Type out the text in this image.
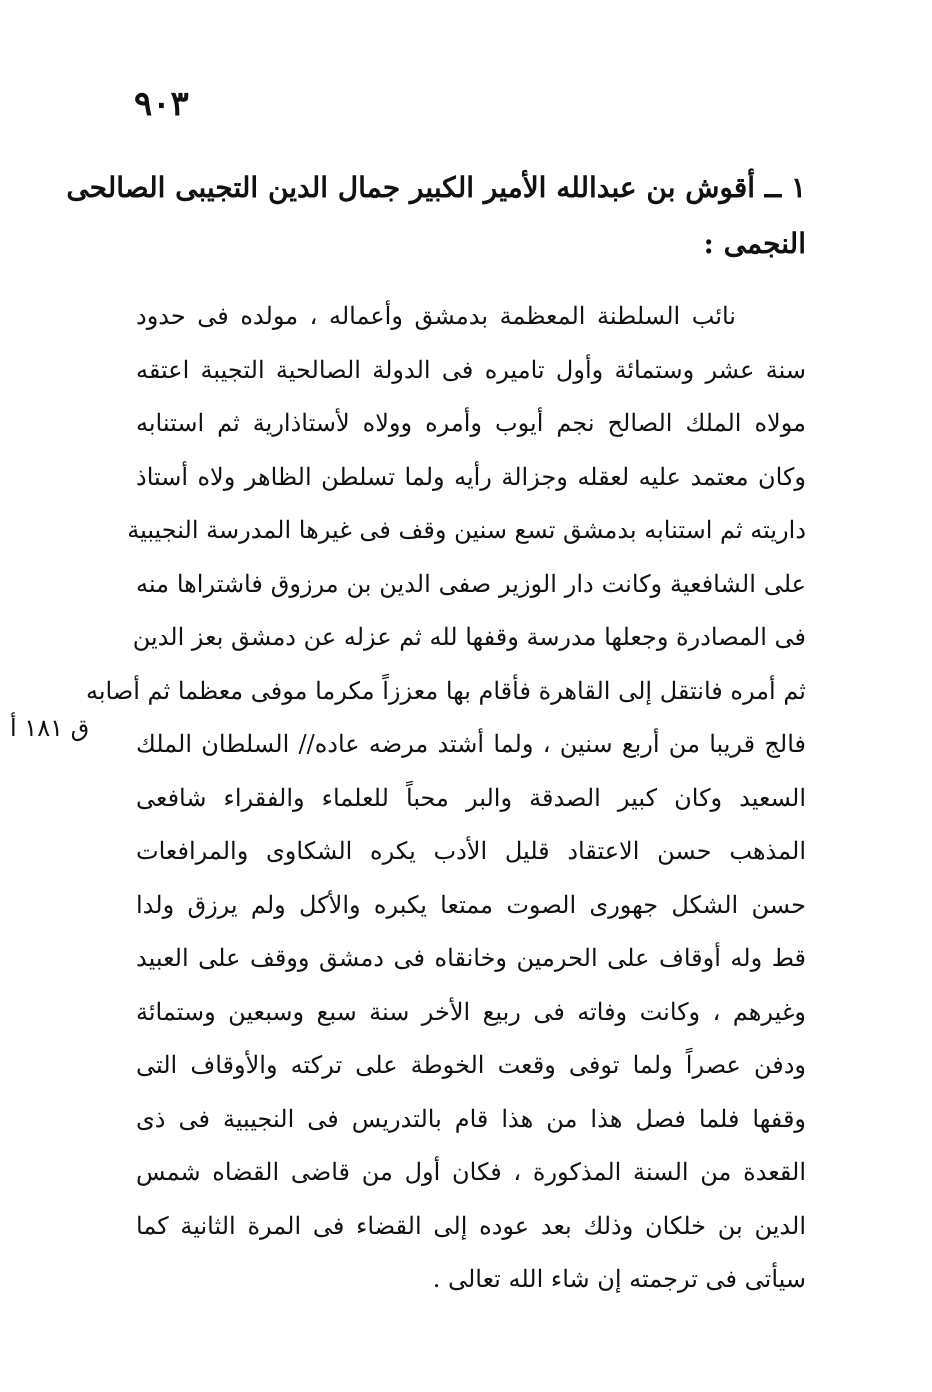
٩٠٣
١ ــ أقوش بن عبدالله الأمير الكبير جمال الدين التجيبى الصالحى
النجمى :
نائب السلطنة المعظمة بدمشق وأعماله ، مولده فى حدود
سنة عشر وستمائة وأول تاميره فى الدولة الصالحية التجيبة اعتقه
مولاه الملك الصالح نجم أيوب وأمره وولاه لأستاذارية ثم استنابه
وكان معتمد عليه لعقله وجزالة رأيه ولما تسلطن الظاهر ولاه أستاذ
داريته ثم استنابه بدمشق تسع سنين وقف فى غيرها المدرسة النجيبية
على الشافعية وكانت دار الوزير صفى الدين بن مرزوق فاشتراها منه
فى المصادرة وجعلها مدرسة وقفها لله ثم عزله عن دمشق بعز الدين
ثم أمره فانتقل إلى القاهرة فأقام بها معززاً مكرما موفى معظما ثم أصابه
فالج قريبا من أربع سنين ، ولما أشتد مرضه عاده// السلطان الملك
السعيد وكان كبير الصدقة والبر محباً للعلماء والفقراء شافعى
المذهب حسن الاعتقاد قليل الأدب يكره الشكاوى والمرافعات
حسن الشكل جهورى الصوت ممتعا يكبره والأكل ولم يرزق ولدا
قط وله أوقاف على الحرمين وخانقاه فى دمشق ووقف على العبيد
وغيرهم ، وكانت وفاته فى ربيع الأخر سنة سبع وسبعين وستمائة
ودفن عصراً ولما توفى وقعت الخوطة على تركته والأوقاف التى
وقفها فلما فصل هذا من هذا قام بالتدريس فى النجيبية فى ذى
القعدة من السنة المذكورة ، فكان أول من قاضى القضاه شمس
الدين بن خلكان وذلك بعد عوده إلى القضاء فى المرة الثانية كما
سيأتى فى ترجمته إن شاء الله تعالى .
ق ١٨١ أ
